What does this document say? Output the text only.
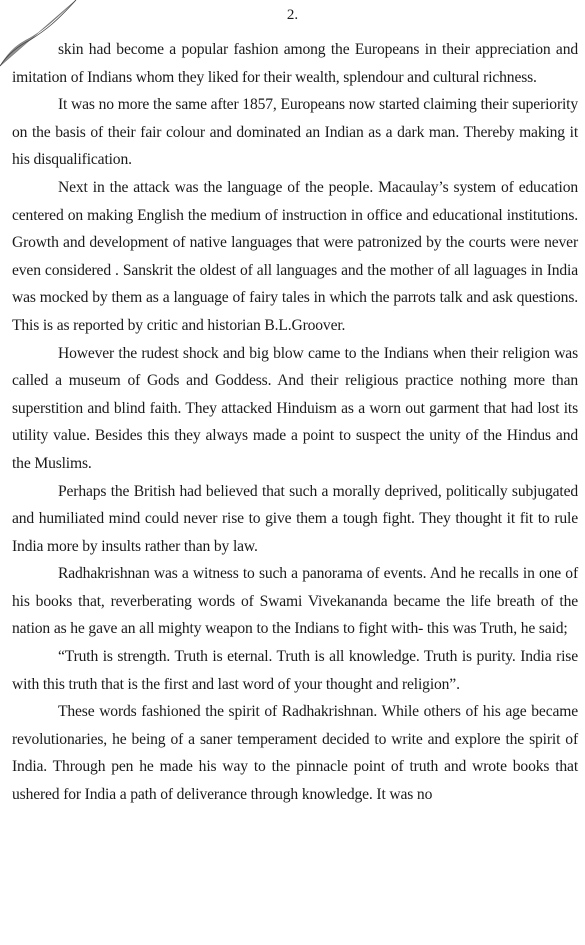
2.

skin had become a popular fashion among the Europeans in their appreciation and imitation of Indians whom they liked for their wealth, splendour and cultural richness.

It was no more the same after 1857, Europeans now started claiming their superiority on the basis of their fair colour and dominated an Indian as a dark man. Thereby making it his disqualification.

Next in the attack was the language of the people. Macaulay’s system of education centered on making English the medium of instruction in office and educational institutions. Growth and development of native languages that were patronized by the courts were never even considered . Sanskrit the oldest of all languages and the mother of all laguages in India was mocked by them as a language of fairy tales in which the parrots talk and ask questions. This is as reported by critic and historian B.L.Groover.

However the rudest shock and big blow came to the Indians when their religion was called a museum of Gods and Goddess. And their religious practice nothing more than superstition and blind faith. They attacked Hinduism as a worn out garment that had lost its utility value. Besides this they always made a point to suspect the unity of the Hindus and the Muslims.

Perhaps the British had believed that such a morally deprived, politically subjugated and humiliated mind could never rise to give them a tough fight. They thought it fit to rule India more by insults rather than by law.

Radhakrishnan was a witness to such a panorama of events. And he recalls in one of his books that, reverberating words of Swami Vivekananda became the life breath of the nation as he gave an all mighty weapon to the Indians to fight with- this was Truth, he said;

“Truth is strength. Truth is eternal. Truth is all knowledge. Truth is purity. India rise with this truth that is the first and last word of your thought and religion”.

These words fashioned the spirit of Radhakrishnan. While others of his age became revolutionaries, he being of a saner temperament decided to write and explore the spirit of India. Through pen he made his way to the pinnacle point of truth and wrote books that ushered for India a path of deliverance through knowledge. It was no
